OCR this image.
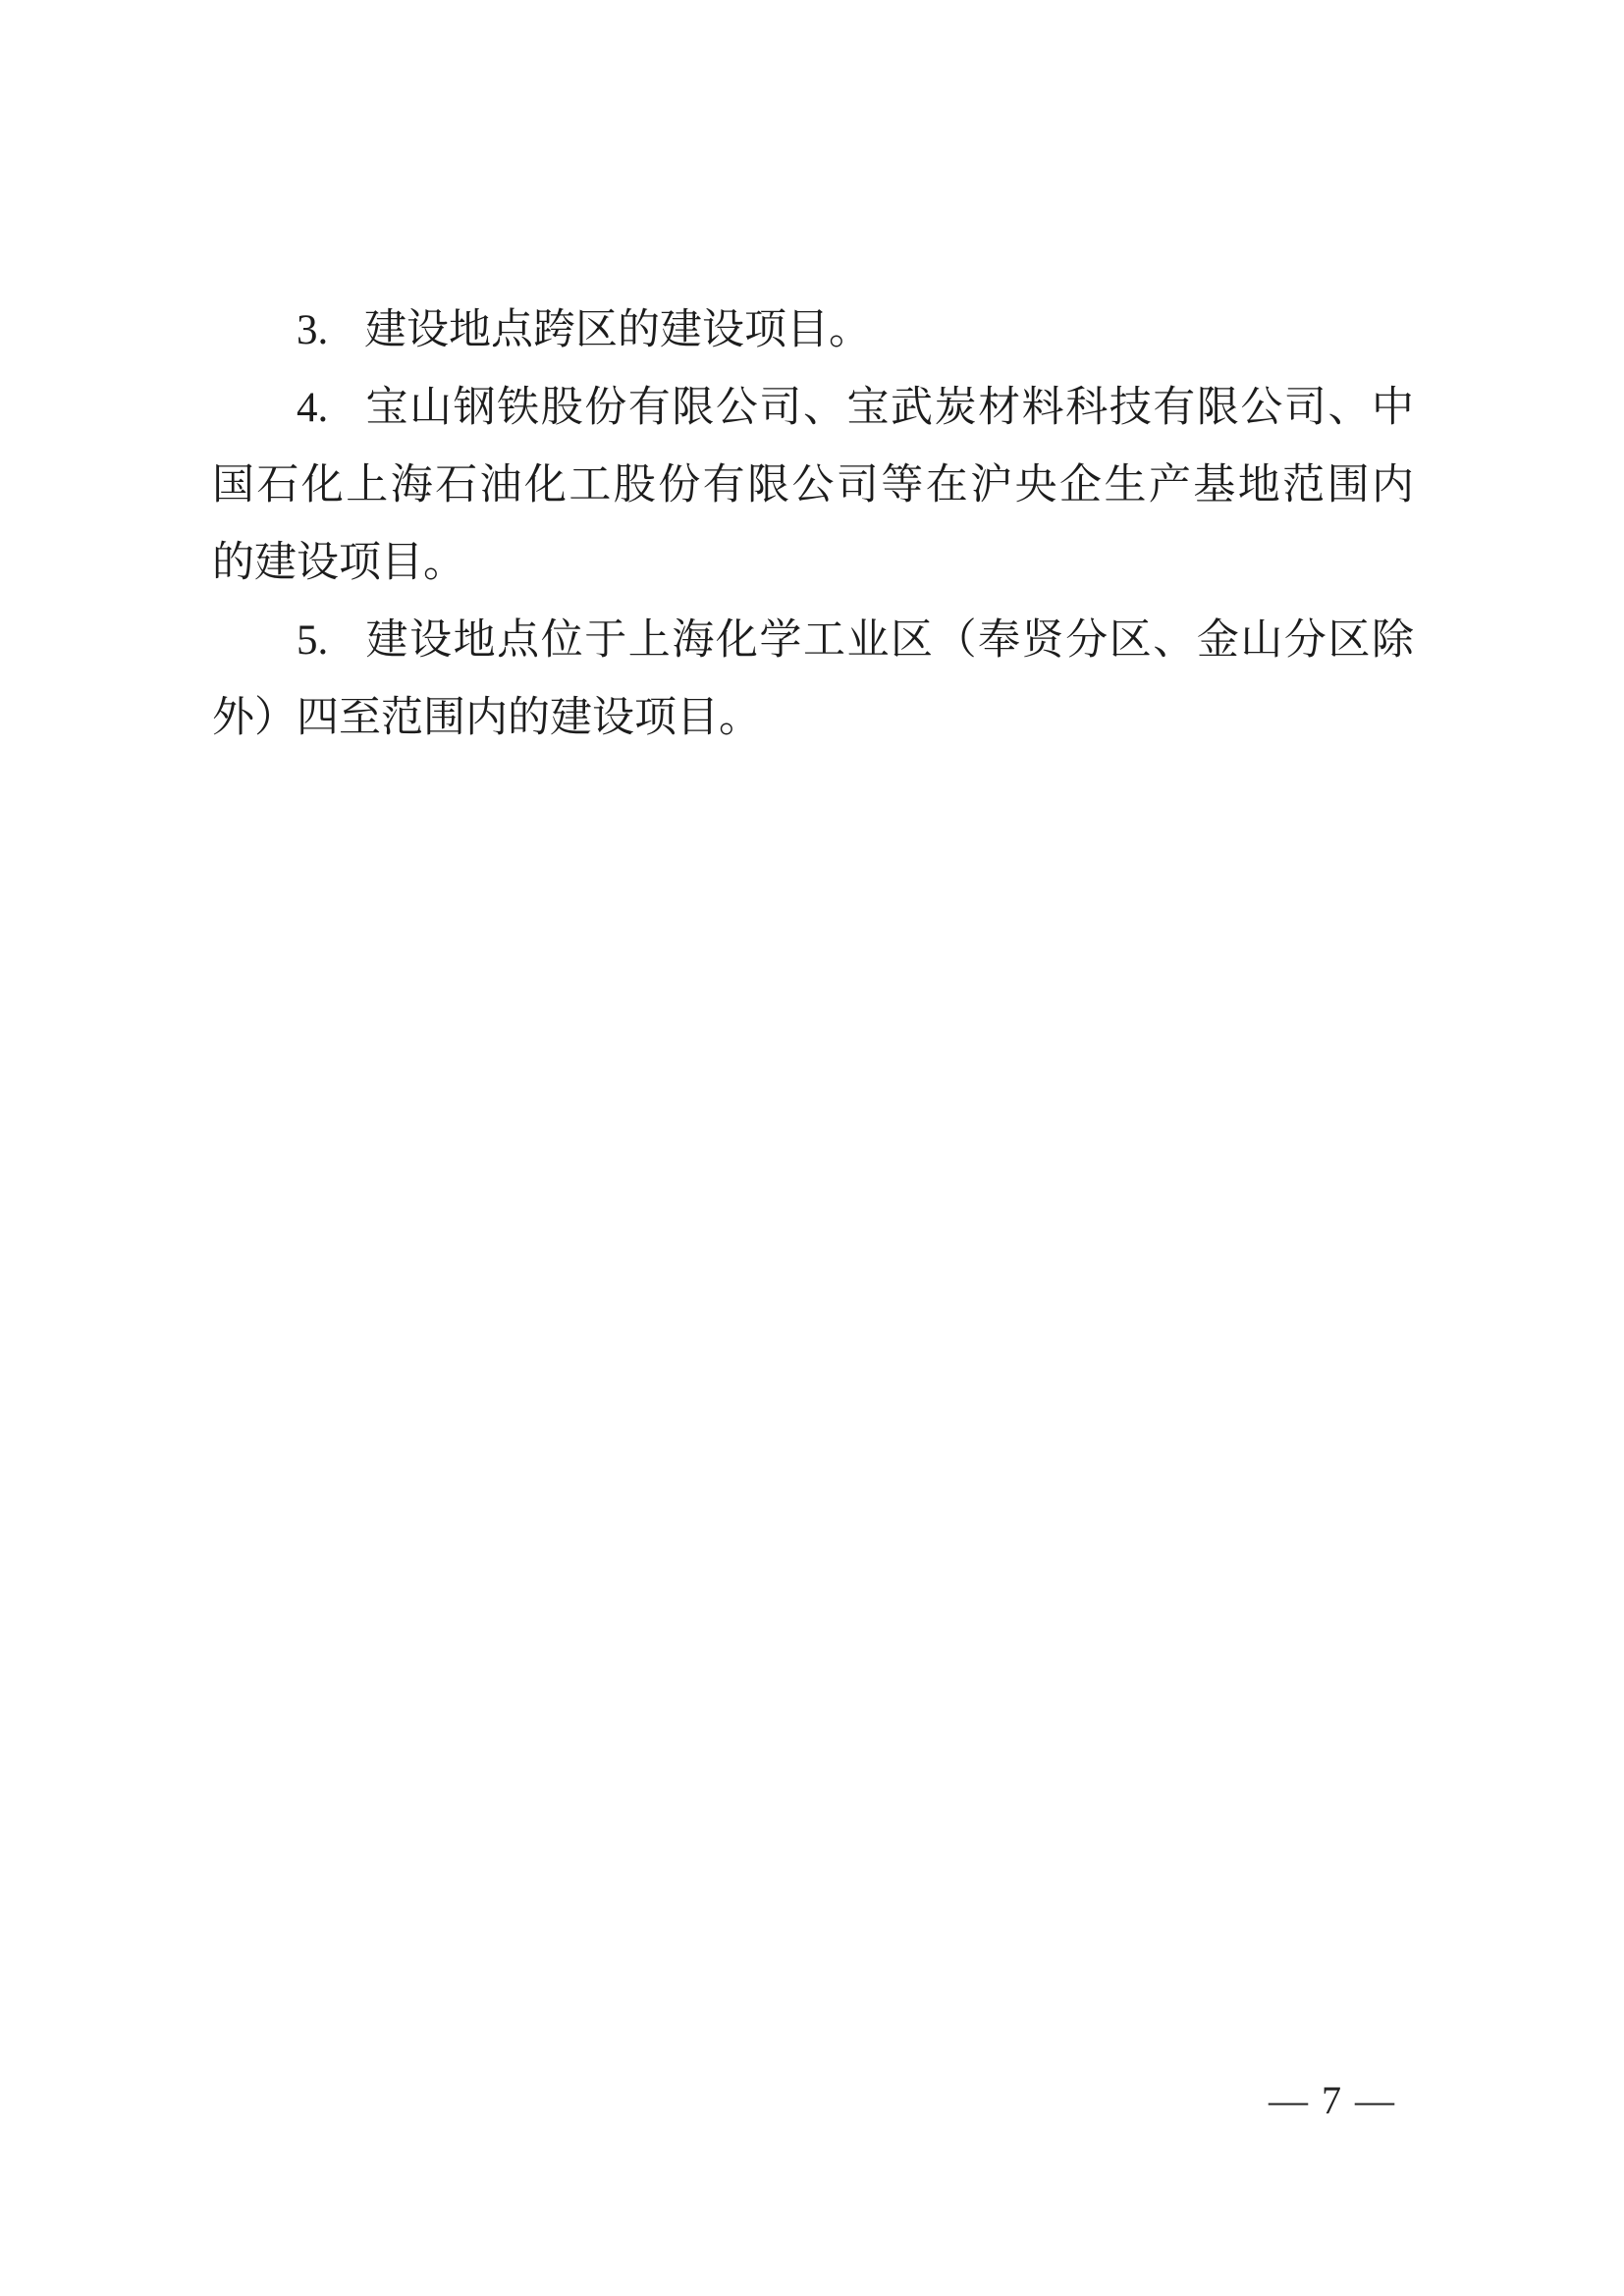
3. 建设地点跨区的建设项目。

4. 宝山钢铁股份有限公司、宝武炭材料科技有限公司、中

国石化上海石油化工股份有限公司等在沪央企生产基地范围内

的建设项目。

5. 建设地点位于上海化学工业区（奉贤分区、金山分区除

外）四至范围内的建设项目。

— 7 —
